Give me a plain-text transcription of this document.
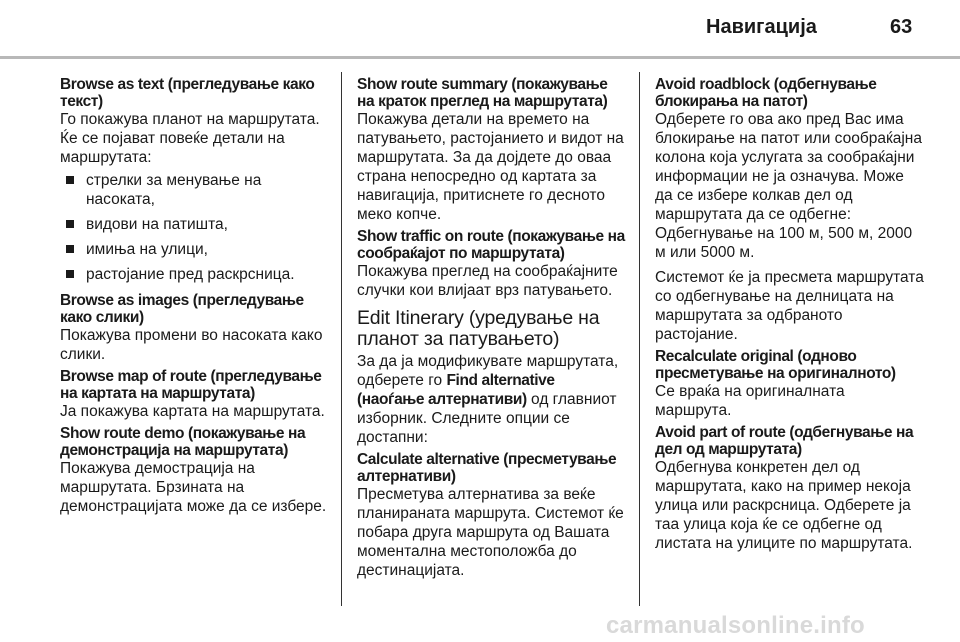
Навигација	63
Browse as text (прегледување како текст)

Го покажува планот на маршрутата. Ќе се појават повеќе детали на маршрутата:

стрелки за менување на насоката,
видови на патишта,
имиња на улици,
растојание пред раскрсница.
Browse as images (прегледување како слики)

Покажува промени во насоката како слики.

Browse map of route (прегледување на картата на маршрутата)

Ја покажува картата на маршрутата.

Show route demo (покажување на демонстрација на маршрутата)

Покажува демострација на маршрутата. Брзината на демонстрацијата може да се избере.

Show route summary (покажување на краток преглед на маршрутата)

Покажува детали на времето на патувањето, растојанието и видот на маршрутата. За да дојдете до оваа страна непосредно од картата за навигација, притиснете го десното меко копче.

Show traffic on route (покажување на сообраќајот по маршрутата)

Покажува преглед на сообраќајните случки кои влијаат врз патувањето.

Edit Itinerary (уредување на планот за патувањето)

За да ја модификувате маршрутата, одберете го Find alternative (наоѓање алтернативи) од главниот изборник. Следните опции се достапни:

Calculate alternative (пресметување алтернативи)

Пресметува алтернатива за веќе планираната маршрута. Системот ќе побара друга маршрута од Вашата моментална местоположба до дестинацијата.

Avoid roadblock (одбегнување блокирања на патот)

Одберете го ова ако пред Вас има блокирање на патот или сообраќајна колона која услугата за сообраќајни информации не ја означува. Може да се избере колкав дел од маршрутата да се одбегне: Одбегнување на 100 м, 500 м, 2000 м или 5000 м.

Системот ќе ја пресмета маршрутата со одбегнување на делницата на маршрутата за одбраното растојание.

Recalculate original (одново пресметување на оригиналното)

Се враќа на оригиналната маршрута.

Avoid part of route (одбегнување на дел од маршрутата)

Одбегнува конкретен дел од маршрутата, како на пример некоја улица или раскрсница. Одберете ја таа улица која ќе се одбегне од листата на улиците по маршрутата.

carmanualsonline.info
